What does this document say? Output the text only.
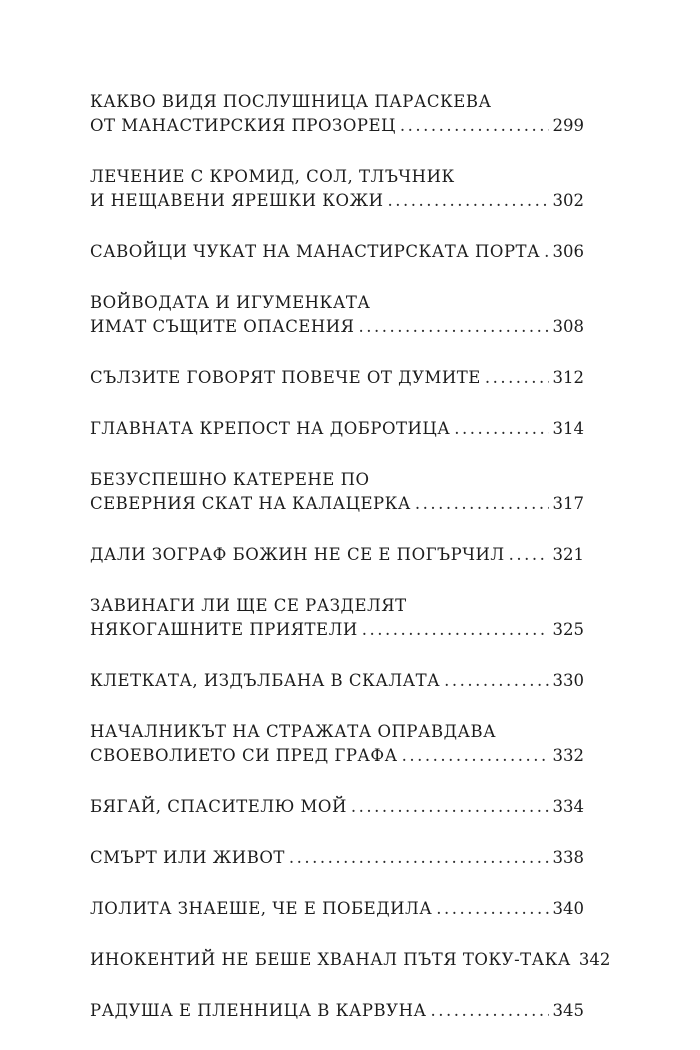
КАКВО ВИДЯ ПОСЛУШНИЦА ПАРАСКЕВА
ОТ МАНАСТИРСКИЯ ПРОЗОРЕЦ .....	299
ЛЕЧЕНИЕ С КРОМИД, СОЛ, ТЛЪЧНИК
И НЕЩАВЕНИ ЯРЕШКИ КОЖИ .....	302
САВОЙЦИ ЧУКАТ НА МАНАСТИРСКАТА ПОРТА ..... 306
ВОЙВОДАТА И ИГУМЕНКАТА
ИМАТ СЪЩИТЕ ОПАСЕНИЯ .....	308
СЪЛЗИТЕ ГОВОРЯТ ПОВЕЧЕ ОТ ДУМИТЕ .....	312
ГЛАВНАТА КРЕПОСТ НА ДОБРОТИЦА .....	314
БЕЗУСПЕШНО КАТЕРЕНЕ ПО
СЕВЕРНИЯ СКАТ НА КАЛАЦЕРКА .....	317
ДАЛИ ЗОГРАФ БОЖИН НЕ СЕ Е ПОГЪРЧИЛ .....	321
ЗАВИНАГИ ЛИ ЩЕ СЕ РАЗДЕЛЯТ
НЯКОГАШНИТЕ ПРИЯТЕЛИ .....	325
КЛЕТКАТА, ИЗДЪЛБАНА В СКАЛАТА .....	330
НАЧАЛНИКЪТ НА СТРАЖАТА ОПРАВДАВА
СВОЕВОЛИЕТО СИ ПРЕД ГРАФА .....	332
БЯГАЙ, СПАСИТЕЛЮ МОЙ .....	334
СМЪРТ ИЛИ ЖИВОТ .....	338
ЛОЛИТА ЗНАЕШЕ, ЧЕ Е ПОБЕДИЛА .....	340
ИНОКЕНТИЙ НЕ БЕШЕ ХВАНАЛ ПЪТЯ ТОКУ-ТАКА 342
РАДУША Е ПЛЕННИЦА В КАРВУНА .....	345
